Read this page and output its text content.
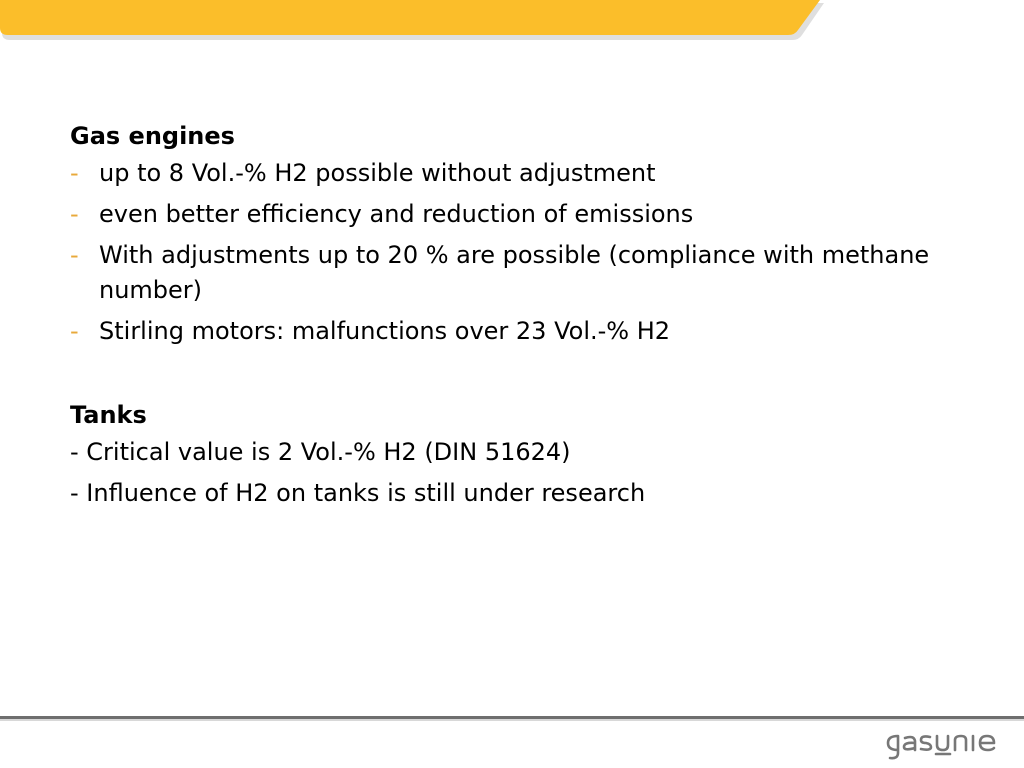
Gas engines
- up to 8 Vol.-% H2 possible without adjustment
- even better efficiency and reduction of emissions
- With adjustments up to 20 % are possible (compliance with methane number)
- Stirling motors: malfunctions over 23 Vol.-% H2
Tanks

- Critical value is 2 Vol.-% H2 (DIN 51624)

- Influence of H2 on tanks is still under research
